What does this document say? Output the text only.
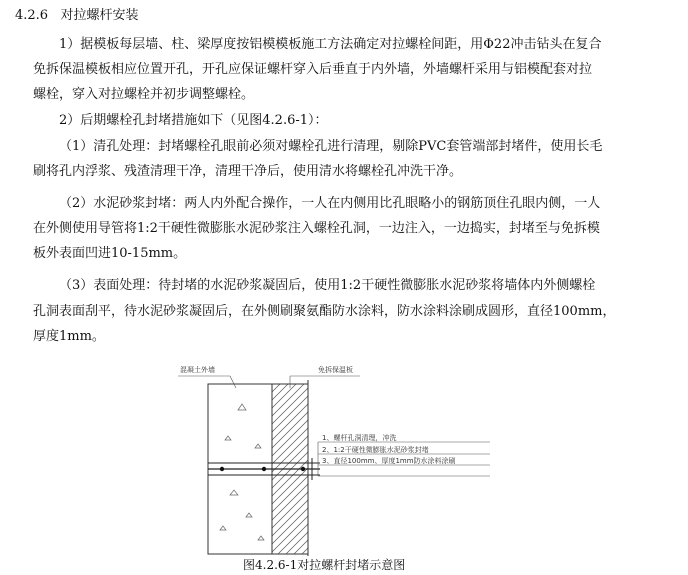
4.2.6 对拉螺杆安装
1）据模板每层墙、柱、梁厚度按铝模模板施工方法确定对拉螺栓间距，用Φ22冲击钻头在复合
免拆保温模板相应位置开孔，开孔应保证螺杆穿入后垂直于内外墙，外墙螺杆采用与铝模配套对拉
螺栓，穿入对拉螺栓并初步调整螺栓。
2）后期螺栓孔封堵措施如下（见图4.2.6-1）：
（1）清孔处理：封堵螺栓孔眼前必须对螺栓孔进行清理，剔除PVC套管端部封堵件，使用长毛
刷将孔内浮浆、残渣清理干净，清理干净后，使用清水将螺栓孔冲洗干净。
（2）水泥砂浆封堵：两人内外配合操作，一人在内侧用比孔眼略小的钢筋顶住孔眼内侧，一人
在外侧使用导管将1:2干硬性微膨胀水泥砂浆注入螺栓孔洞，一边注入，一边捣实，封堵至与免拆模
板外表面凹进10-15mm。
（3）表面处理：待封堵的水泥砂浆凝固后，使用1:2干硬性微膨胀水泥砂浆将墙体内外侧螺栓
孔洞表面刮平，待水泥砂浆凝固后，在外侧刷聚氨酯防水涂料，防水涂料涂刷成圆形，直径100mm，
厚度1mm。
混凝土外墙	免拆保温板
1、螺杆孔洞清理，冲洗
2、1:2干硬性微膨胀水泥砂浆封堵
3、直径100mm、厚度1mm防水涂料涂刷
图4.2.6-1对拉螺杆封堵示意图
